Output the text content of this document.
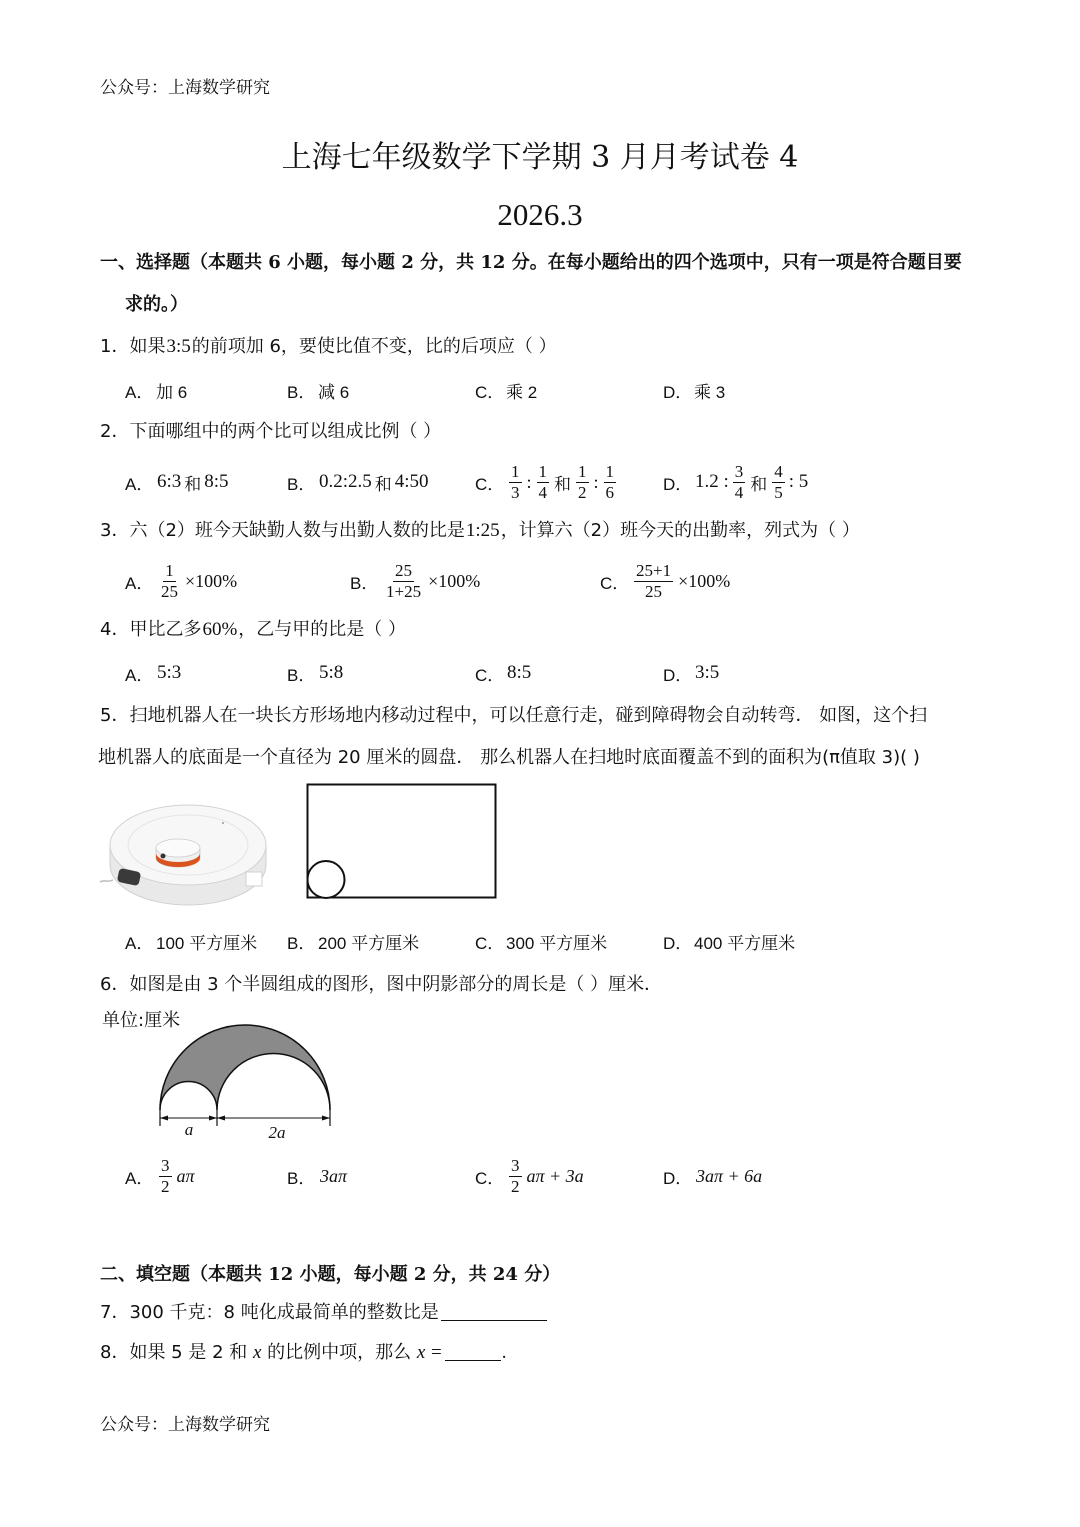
公众号：上海数学研究
上海七年级数学下学期 3 月月考试卷 4
2026.3
一、选择题（本题共 6 小题，每小题 2 分，共 12 分。在每小题给出的四个选项中，只有一项是符合题目要
求的。）
1．如果3:5的前项加 6，要使比值不变，比的后项应（ ）
A． 加 6	B． 减 6	C． 乘 2	D． 乘 3
2．下面哪组中的两个比可以组成比例（ ）
A． 6:3 和 8:5	B． 0.2:2.5 和 4:50	C． $\frac{1}{3}$ : $\frac{1}{4}$ 和 $\frac{1}{2}$ : $\frac{1}{6}$	D． 1.2 : $\frac{3}{4}$ 和 $\frac{4}{5}$ : 5
3．六（2）班今天缺勤人数与出勤人数的比是1:25，计算六（2）班今天的出勤率，列式为（ ）
A． $\frac{1}{25} \times 100\%$	B． $\frac{25}{1+25} \times 100\%$	C． $\frac{25+1}{25} \times 100\%$
4．甲比乙多60%，乙与甲的比是（ ）
A． 5:3	B． 5:8	C． 8:5	D． 3:5
5．扫地机器人在一块长方形场地内移动过程中，可以任意行走，碰到障碍物会自动转弯． 如图，这个扫
地机器人的底面是一个直径为 20 厘米的圆盘． 那么机器人在扫地时底面覆盖不到的面积为(π值取 3)( )
A． 100 平方厘米 B． 200 平方厘米	C． 300 平方厘米	D． 400 平方厘米
6．如图是由 3 个半圆组成的图形，图中阴影部分的周长是（ ）厘米．
单位:厘米
a	2a
A． $\frac{3}{2}$ aπ	B． 3aπ	C． $\frac{3}{2}$ aπ + 3a	D． 3aπ + 6a
二、填空题（本题共 12 小题，每小题 2 分，共 24 分）
7．300 千克：8 吨化成最简单的整数比是
8．如果 5 是 2 和 x 的比例中项，那么 x =	.
公众号：上海数学研究
